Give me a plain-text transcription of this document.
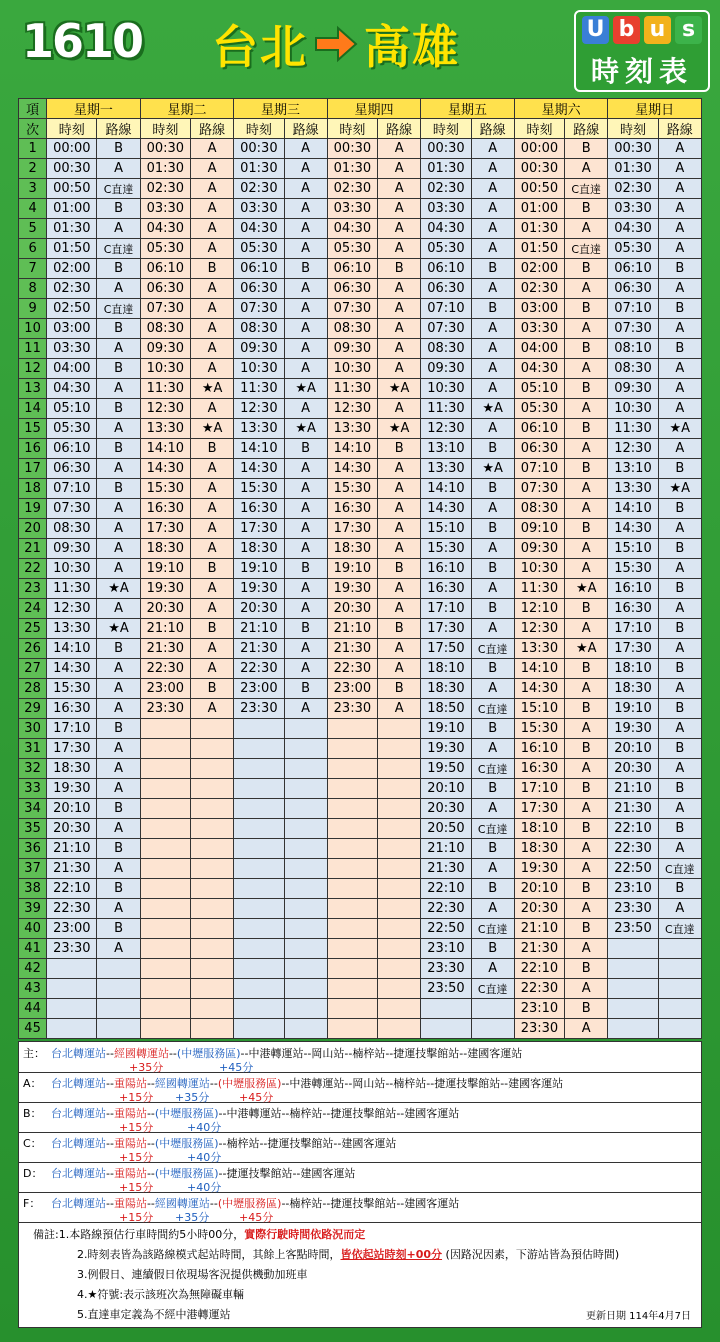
1610 台北 高雄	U b u s
時刻表
項	星期一		星期二		星期三		星期四		星期五		星期六		星期日	
次	時刻	路線	時刻	路線	時刻	路線	時刻	路線	時刻	路線	時刻	路線	時刻	路線
1	00:00	B	00:30	A	00:30	A	00:30	A	00:30	A	00:00	B	00:30	A
2	00:30	A	01:30	A	01:30	A	01:30	A	01:30	A	00:30	A	01:30	A
3	00:50	C直達	02:30	A	02:30	A	02:30	A	02:30	A	00:50	C直達	02:30	A
4	01:00	B	03:30	A	03:30	A	03:30	A	03:30	A	01:00	B	03:30	A
5	01:30	A	04:30	A	04:30	A	04:30	A	04:30	A	01:30	A	04:30	A
6	01:50	C直達	05:30	A	05:30	A	05:30	A	05:30	A	01:50	C直達	05:30	A
7	02:00	B	06:10	B	06:10	B	06:10	B	06:10	B	02:00	B	06:10	B
8	02:30	A	06:30	A	06:30	A	06:30	A	06:30	A	02:30	A	06:30	A
9	02:50	C直達	07:30	A	07:30	A	07:30	A	07:10	B	03:00	B	07:10	B
10	03:00	B	08:30	A	08:30	A	08:30	A	07:30	A	03:30	A	07:30	A
11	03:30	A	09:30	A	09:30	A	09:30	A	08:30	A	04:00	B	08:10	B
12	04:00	B	10:30	A	10:30	A	10:30	A	09:30	A	04:30	A	08:30	A
13	04:30	A	11:30	★A	11:30	★A	11:30	★A	10:30	A	05:10	B	09:30	A
14	05:10	B	12:30	A	12:30	A	12:30	A	11:30	★A	05:30	A	10:30	A
15	05:30	A	13:30	★A	13:30	★A	13:30	★A	12:30	A	06:10	B	11:30	★A
16	06:10	B	14:10	B	14:10	B	14:10	B	13:10	B	06:30	A	12:30	A
17	06:30	A	14:30	A	14:30	A	14:30	A	13:30	★A	07:10	B	13:10	B
18	07:10	B	15:30	A	15:30	A	15:30	A	14:10	B	07:30	A	13:30	★A
19	07:30	A	16:30	A	16:30	A	16:30	A	14:30	A	08:30	A	14:10	B
20	08:30	A	17:30	A	17:30	A	17:30	A	15:10	B	09:10	B	14:30	A
21	09:30	A	18:30	A	18:30	A	18:30	A	15:30	A	09:30	A	15:10	B
22	10:30	A	19:10	B	19:10	B	19:10	B	16:10	B	10:30	A	15:30	A
23	11:30	★A	19:30	A	19:30	A	19:30	A	16:30	A	11:30	★A	16:10	B
24	12:30	A	20:30	A	20:30	A	20:30	A	17:10	B	12:10	B	16:30	A
25	13:30	★A	21:10	B	21:10	B	21:10	B	17:30	A	12:30	A	17:10	B
26	14:10	B	21:30	A	21:30	A	21:30	A	17:50	C直達	13:30	★A	17:30	A
27	14:30	A	22:30	A	22:30	A	22:30	A	18:10	B	14:10	B	18:10	B
28	15:30	A	23:00	B	23:00	B	23:00	B	18:30	A	14:30	A	18:30	A
29	16:30	A	23:30	A	23:30	A	23:30	A	18:50	C直達	15:10	B	19:10	B
30	17:10	B							19:10	B	15:30	A	19:30	A
31	17:30	A							19:30	A	16:10	B	20:10	B
32	18:30	A							19:50	C直達	16:30	A	20:30	A
33	19:30	A							20:10	B	17:10	B	21:10	B
34	20:10	B							20:30	A	17:30	A	21:30	A
35	20:30	A							20:50	C直達	18:10	B	22:10	B
36	21:10	B							21:10	B	18:30	A	22:30	A
37	21:30	A							21:30	A	19:30	A	22:50	C直達
38	22:10	B							22:10	B	20:10	B	23:10	B
39	22:30	A							22:30	A	20:30	A	23:30	A
40	23:00	B							22:50	C直達	21:10	B	23:50	C直達
41	23:30	A							23:10	B	21:30	A		
42									23:30	A	22:10	B		
43									23:50	C直達	22:30	A		
44											23:10	B		
45											23:30	A		
主： 台北轉運站--經國轉運站--(中壢服務區)--中港轉運站--岡山站--楠梓站--捷運技擊館站--建國客運站
+35分	+45分
A： 台北轉運站--重陽站--經國轉運站--(中壢服務區)--中港轉運站--岡山站--楠梓站--捷運技擊館站--建國客運站
+15分 +35分	+45分
B： 台北轉運站--重陽站--(中壢服務區)--中港轉運站--楠梓站--捷運技擊館站--建國客運站
+15分	+40分
C： 台北轉運站--重陽站--(中壢服務區)--楠梓站--捷運技擊館站--建國客運站
+15分	+40分
D： 台北轉運站--重陽站--(中壢服務區)--捷運技擊館站--建國客運站
+15分	+40分
F： 台北轉運站--重陽站--經國轉運站--(中壢服務區)--楠梓站--捷運技擊館站--建國客運站
+15分 +35分	+45分
備註:1.本路線預估行車時間約5小時00分，實際行駛時間依路況而定
2.時刻表皆為該路線模式起站時間，其餘上客點時間，皆依起站時刻+00分 (因路況因素，下游站皆為預估時間)
3.例假日、連續假日依現場客況提供機動加班車
4.★符號:表示該班次為無障礙車輛
5.直達車定義為不經中港轉運站	更新日期 114年4月7日
